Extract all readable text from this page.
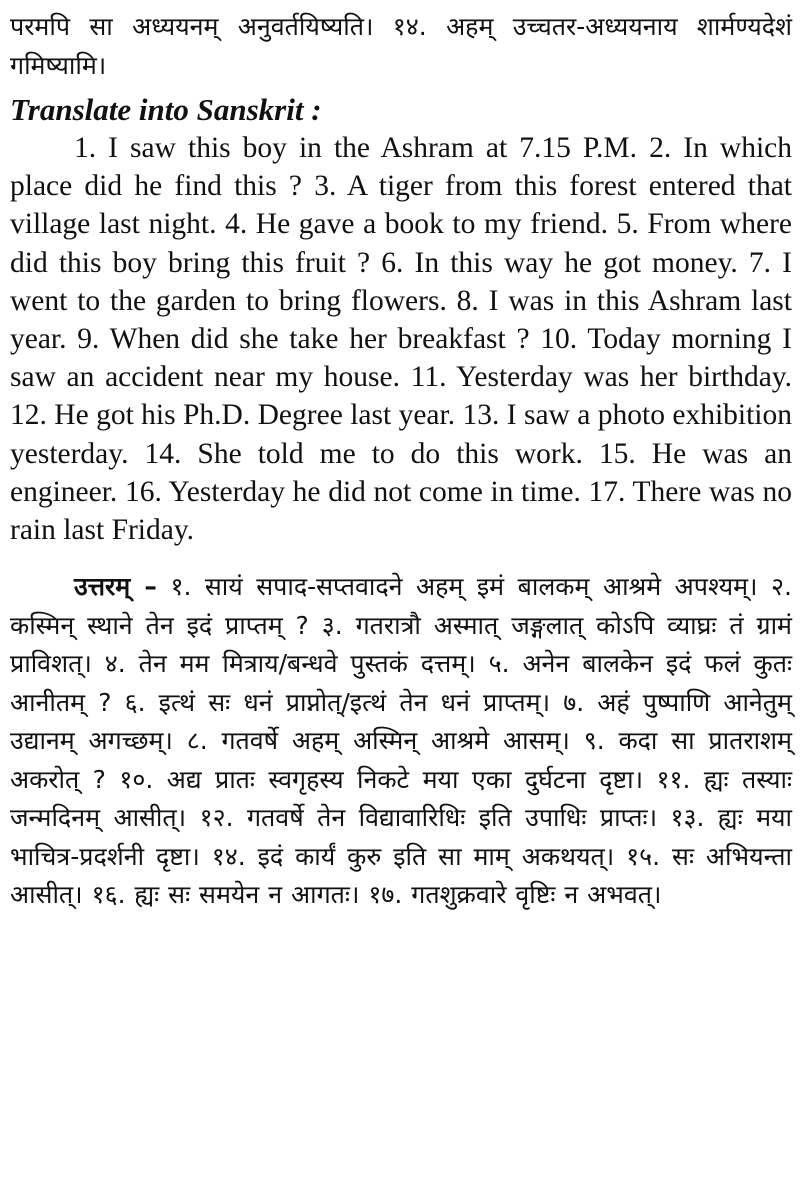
परमपि सा अध्ययनम् अनुवर्तयिष्यति। १४. अहम् उच्चतर-अध्ययनाय शार्मण्यदेशं गमिष्यामि।

Translate into Sanskrit :

1. I saw this boy in the Ashram at 7.15 P.M. 2. In which place did he find this ? 3. A tiger from this forest entered that village last night. 4. He gave a book to my friend. 5. From where did this boy bring this fruit ? 6. In this way he got money. 7. I went to the garden to bring flowers. 8. I was in this Ashram last year. 9. When did she take her breakfast ? 10. Today morning I saw an accident near my house. 11. Yesterday was her birthday. 12. He got his Ph.D. Degree last year. 13. I saw a photo exhibition yesterday. 14. She told me to do this work. 15. He was an engineer. 16. Yesterday he did not come in time. 17. There was no rain last Friday.

उत्तरम् – १. सायं सपाद-सप्तवादने अहम् इमं बालकम् आश्रमे अपश्यम्। २. कस्मिन् स्थाने तेन इदं प्राप्तम् ? ३. गतरात्रौ अस्मात् जङ्गलात् कोऽपि व्याघ्रः तं ग्रामं प्राविशत्। ४. तेन मम मित्राय/बन्धवे पुस्तकं दत्तम्। ५. अनेन बालकेन इदं फलं कुतः आनीतम् ? ६. इत्थं सः धनं प्राप्नोत्/इत्थं तेन धनं प्राप्तम्। ७. अहं पुष्पाणि आनेतुम् उद्यानम् अगच्छम्। ८. गतवर्षे अहम् अस्मिन् आश्रमे आसम्। ९. कदा सा प्रातराशम् अकरोत् ? १०. अद्य प्रातः स्वगृहस्य निकटे मया एका दुर्घटना दृष्टा। ११. ह्यः तस्याः जन्मदिनम् आसीत्। १२. गतवर्षे तेन विद्यावारिधिः इति उपाधिः प्राप्तः। १३. ह्यः मया भाचित्र-प्रदर्शनी दृष्टा। १४. इदं कार्यं कुरु इति सा माम् अकथयत्। १५. सः अभियन्ता आसीत्। १६. ह्यः सः समयेन न आगतः। १७. गतशुक्रवारे वृष्टिः न अभवत्।
